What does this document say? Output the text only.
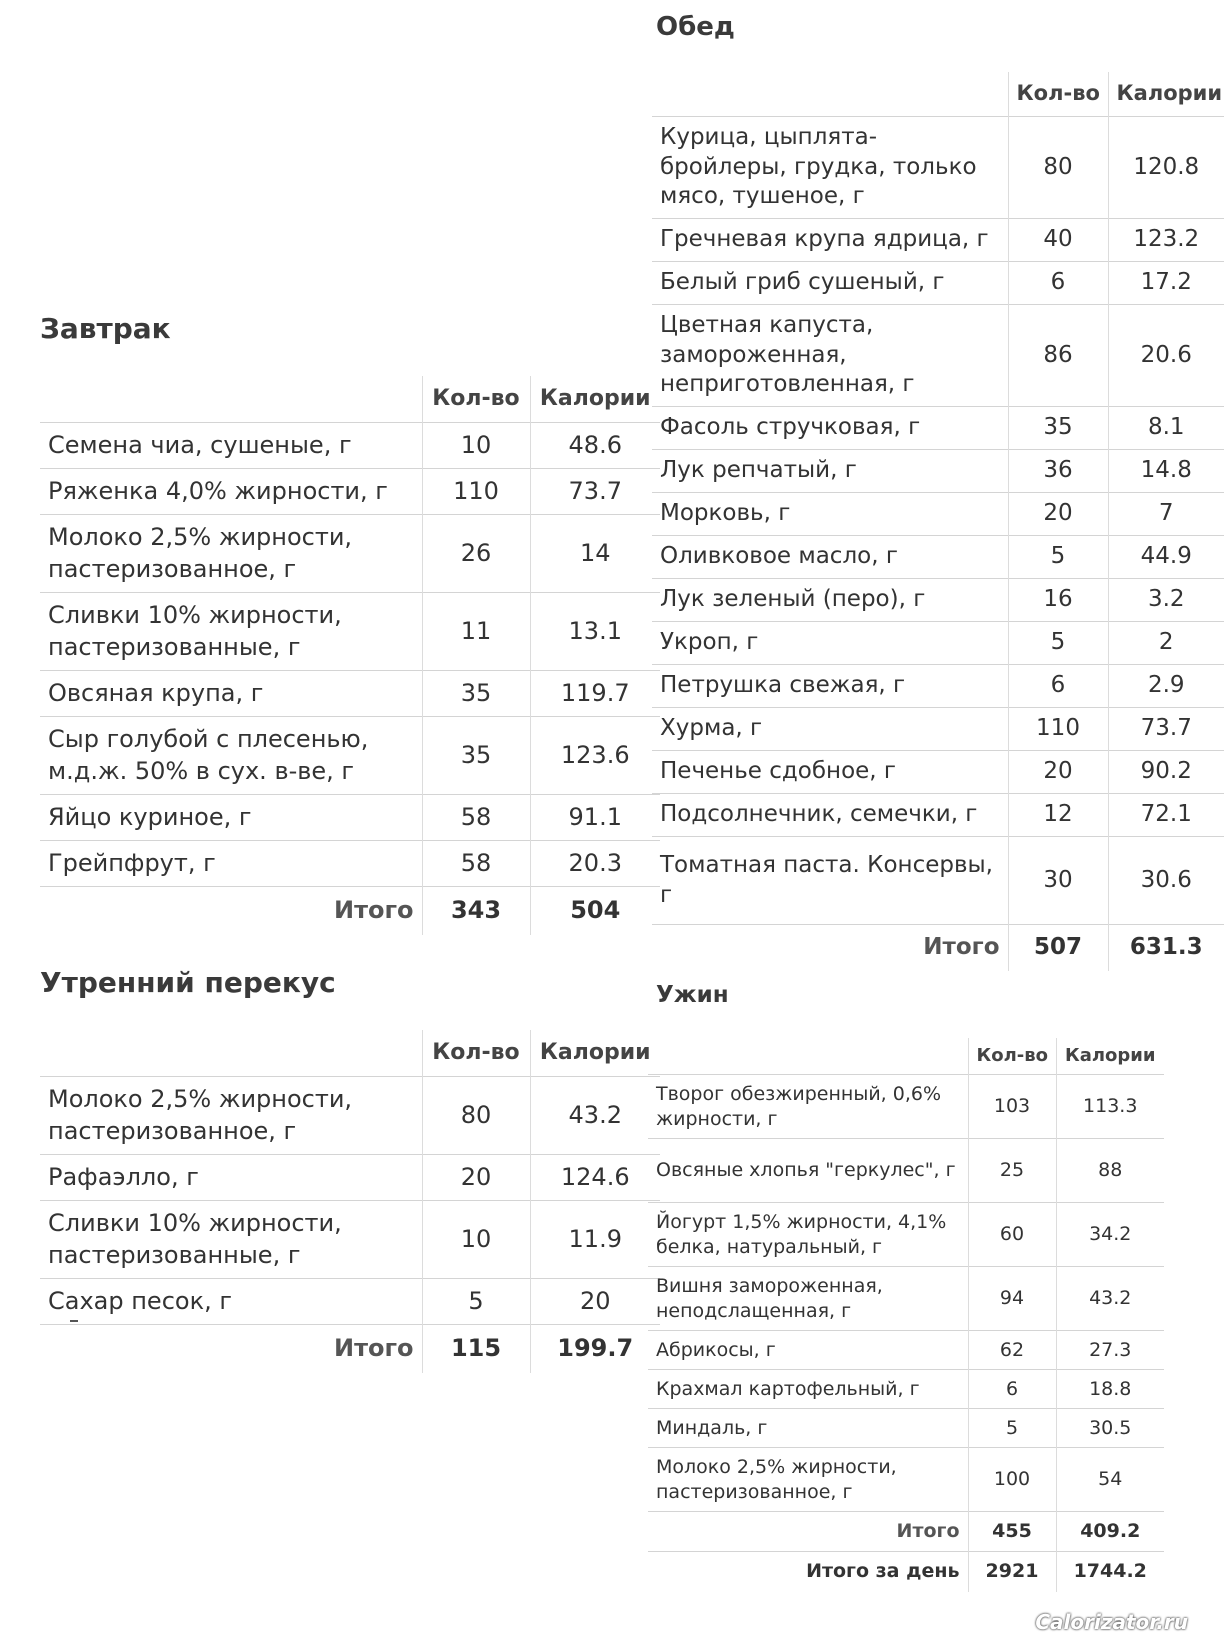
Завтрак
	Кол-во	Калории
Семена чиа, сушеные, г	10	48.6
Ряженка 4,0% жирности, г	110	73.7
Молоко 2,5% жирности, пастеризованное, г	26	14
Сливки 10% жирности, пастеризованные, г	11	13.1
Овсяная крупа, г	35	119.7
Сыр голубой с плесенью, м.д.ж. 50% в сух. в-ве, г	35	123.6
Яйцо куриное, г	58	91.1
Грейпфрут, г	58	20.3
Итого	343	504
Утренний перекус
	Кол-во	Калории
Молоко 2,5% жирности, пастеризованное, г	80	43.2
Рафаэлло, г	20	124.6
Сливки 10% жирности, пастеризованные, г	10	11.9
Сахар песок, г	5	20
Итого	115	199.7
Обед
	Кол-во	Калории
Курица, цыплята-бройлеры, грудка, только мясо, тушеное, г	80	120.8
Гречневая крупа ядрица, г	40	123.2
Белый гриб сушеный, г	6	17.2
Цветная капуста, замороженная, неприготовленная, г	86	20.6
Фасоль стручковая, г	35	8.1
Лук репчатый, г	36	14.8
Морковь, г	20	7
Оливковое масло, г	5	44.9
Лук зеленый (перо), г	16	3.2
Укроп, г	5	2
Петрушка свежая, г	6	2.9
Хурма, г	110	73.7
Печенье сдобное, г	20	90.2
Подсолнечник, семечки, г	12	72.1
Томатная паста. Консервы, г	30	30.6
Итого	507	631.3
Ужин
	Кол-во	Калории
Творог обезжиренный, 0,6% жирности, г	103	113.3
Овсяные хлопья "геркулес", г	25	88
Йогурт 1,5% жирности, 4,1% белка, натуральный, г	60	34.2
Вишня замороженная, неподслащенная, г	94	43.2
Абрикосы, г	62	27.3
Крахмал картофельный, г	6	18.8
Миндаль, г	5	30.5
Молоко 2,5% жирности, пастеризованное, г	100	54
Итого	455	409.2
Итого за день	2921	1744.2
Calorizator.ru
